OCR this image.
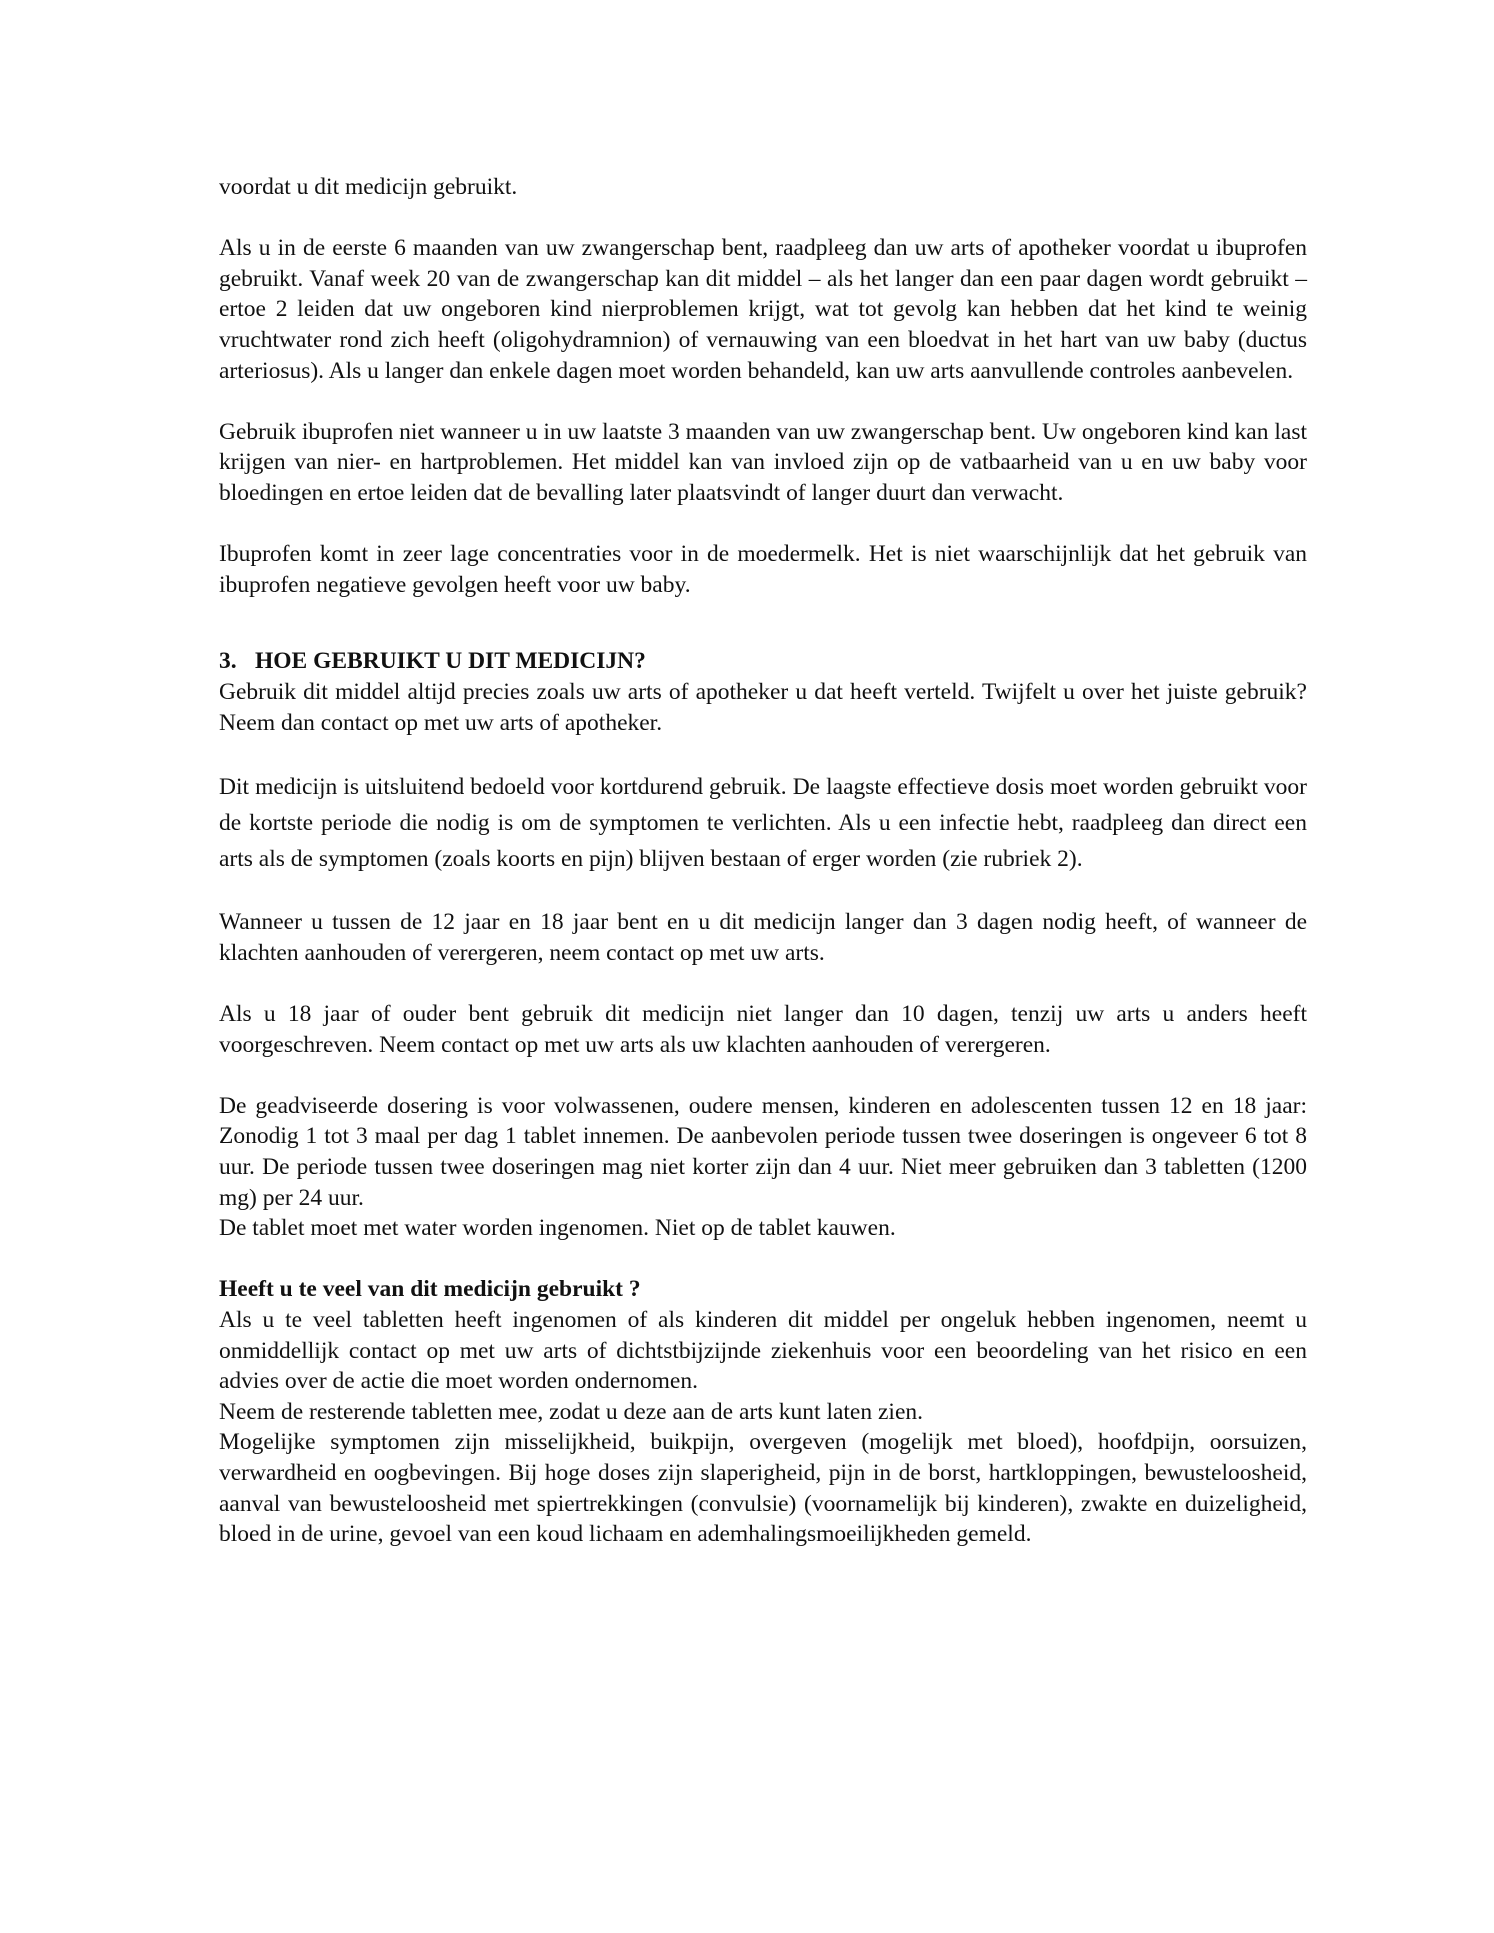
voordat u dit medicijn gebruikt.

Als u in de eerste 6 maanden van uw zwangerschap bent, raadpleeg dan uw arts of apotheker voordat u ibuprofen gebruikt. Vanaf week 20 van de zwangerschap kan dit middel – als het langer dan een paar dagen wordt gebruikt – ertoe 2 leiden dat uw ongeboren kind nierproblemen krijgt, wat tot gevolg kan hebben dat het kind te weinig vruchtwater rond zich heeft (oligohydramnion) of vernauwing van een bloedvat in het hart van uw baby (ductus arteriosus). Als u langer dan enkele dagen moet worden behandeld, kan uw arts aanvullende controles aanbevelen.

Gebruik ibuprofen niet wanneer u in uw laatste 3 maanden van uw zwangerschap bent. Uw ongeboren kind kan last krijgen van nier- en hartproblemen. Het middel kan van invloed zijn op de vatbaarheid van u en uw baby voor bloedingen en ertoe leiden dat de bevalling later plaatsvindt of langer duurt dan verwacht.

Ibuprofen komt in zeer lage concentraties voor in de moedermelk. Het is niet waarschijnlijk dat het gebruik van ibuprofen negatieve gevolgen heeft voor uw baby.

3. HOE GEBRUIKT U DIT MEDICIJN?

Gebruik dit middel altijd precies zoals uw arts of apotheker u dat heeft verteld. Twijfelt u over het juiste gebruik? Neem dan contact op met uw arts of apotheker.

Dit medicijn is uitsluitend bedoeld voor kortdurend gebruik. De laagste effectieve dosis moet worden gebruikt voor de kortste periode die nodig is om de symptomen te verlichten. Als u een infectie hebt, raadpleeg dan direct een arts als de symptomen (zoals koorts en pijn) blijven bestaan of erger worden (zie rubriek 2).

Wanneer u tussen de 12 jaar en 18 jaar bent en u dit medicijn langer dan 3 dagen nodig heeft, of wanneer de klachten aanhouden of verergeren, neem contact op met uw arts.

Als u 18 jaar of ouder bent gebruik dit medicijn niet langer dan 10 dagen, tenzij uw arts u anders heeft voorgeschreven. Neem contact op met uw arts als uw klachten aanhouden of verergeren.

De geadviseerde dosering is voor volwassenen, oudere mensen, kinderen en adolescenten tussen 12 en 18 jaar: Zonodig 1 tot 3 maal per dag 1 tablet innemen. De aanbevolen periode tussen twee doseringen is ongeveer 6 tot 8 uur. De periode tussen twee doseringen mag niet korter zijn dan 4 uur. Niet meer gebruiken dan 3 tabletten (1200 mg) per 24 uur.

De tablet moet met water worden ingenomen. Niet op de tablet kauwen.

Heeft u te veel van dit medicijn gebruikt ?

Als u te veel tabletten heeft ingenomen of als kinderen dit middel per ongeluk hebben ingenomen, neemt u onmiddellijk contact op met uw arts of dichtstbijzijnde ziekenhuis voor een beoordeling van het risico en een advies over de actie die moet worden ondernomen.

Neem de resterende tabletten mee, zodat u deze aan de arts kunt laten zien.

Mogelijke symptomen zijn misselijkheid, buikpijn, overgeven (mogelijk met bloed), hoofdpijn, oorsuizen, verwardheid en oogbevingen. Bij hoge doses zijn slaperigheid, pijn in de borst, hartkloppingen, bewusteloosheid, aanval van bewusteloosheid met spiertrekkingen (convulsie) (voornamelijk bij kinderen), zwakte en duizeligheid, bloed in de urine, gevoel van een koud lichaam en ademhalingsmoeilijkheden gemeld.
